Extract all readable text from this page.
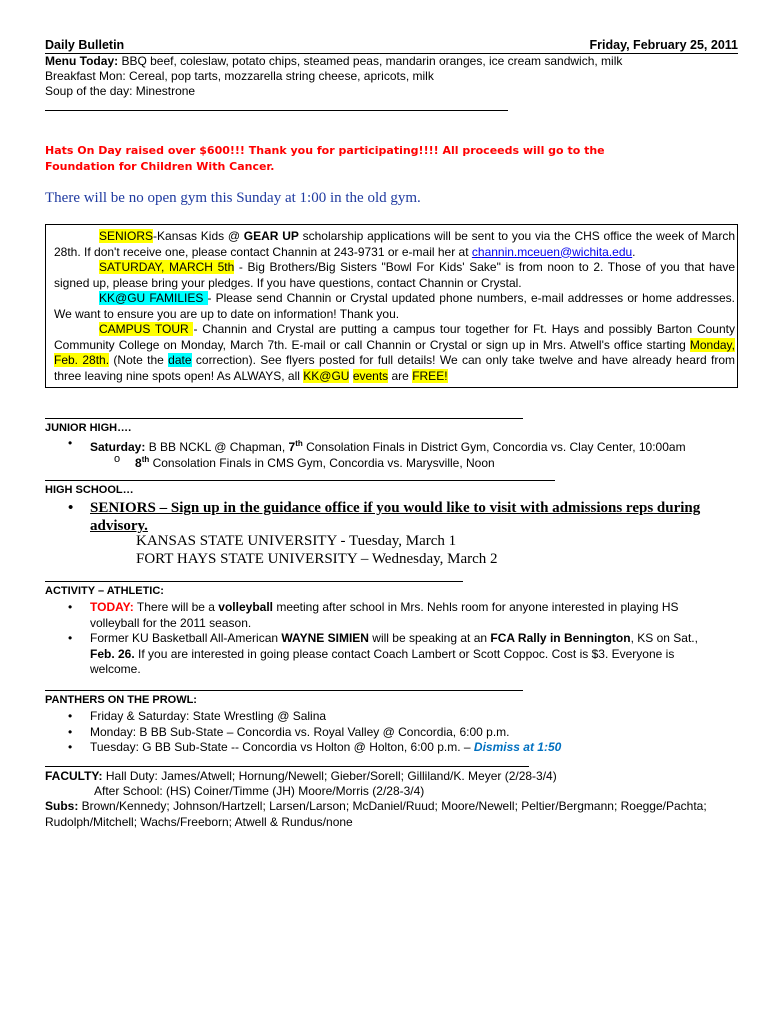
Daily Bulletin	Friday, February 25, 2011
Menu Today: BBQ beef, coleslaw, potato chips, steamed peas, mandarin oranges, ice cream sandwich, milk
Breakfast Mon: Cereal, pop tarts, mozzarella string cheese, apricots, milk
Soup of the day: Minestrone
Hats On Day raised over $600!!! Thank you for participating!!!! All proceeds will go to the
Foundation for Children With Cancer.
There will be no open gym this Sunday at 1:00 in the old gym.

SENIORS-Kansas Kids @ GEAR UP scholarship applications will be sent to you via the CHS office the week of March 28th. If don't receive one, please contact Channin at 243-9731 or e-mail her at channin.mceuen@wichita.edu.

SATURDAY, MARCH 5th - Big Brothers/Big Sisters "Bowl For Kids' Sake" is from noon to 2. Those of you that have signed up, please bring your pledges. If you have questions, contact Channin or Crystal.

KK@GU FAMILIES - Please send Channin or Crystal updated phone numbers, e-mail addresses or home addresses. We want to ensure you are up to date on information! Thank you.

CAMPUS TOUR - Channin and Crystal are putting a campus tour together for Ft. Hays and possibly Barton County Community College on Monday, March 7th. E-mail or call Channin or Crystal or sign up in Mrs. Atwell's office starting Monday, Feb. 28th. (Note the date correction). See flyers posted for full details! We can only take twelve and have already heard from three leaving nine spots open! As ALWAYS, all KK@GU events are FREE!

JUNIOR HIGH….
• Saturday: B BB NCKL @ Chapman, 7th Consolation Finals in District Gym, Concordia vs. Clay Center, 10:00am
o 8th Consolation Finals in CMS Gym, Concordia vs. Marysville, Noon
HIGH SCHOOL…
• SENIORS – Sign up in the guidance office if you would like to visit with admissions reps during
advisory.
KANSAS STATE UNIVERSITY - Tuesday, March 1
FORT HAYS STATE UNIVERSITY – Wednesday, March 2
ACTIVITY – ATHLETIC:
• TODAY: There will be a volleyball meeting after school in Mrs. Nehls room for anyone interested in playing HS
volleyball for the 2011 season.
• Former KU Basketball All-American WAYNE SIMIEN will be speaking at an FCA Rally in Bennington, KS on Sat.,
Feb. 26. If you are interested in going please contact Coach Lambert or Scott Coppoc. Cost is $3. Everyone is
welcome.
PANTHERS ON THE PROWL:
• Friday & Saturday: State Wrestling @ Salina
• Monday: B BB Sub-State – Concordia vs. Royal Valley @ Concordia, 6:00 p.m.
• Tuesday: G BB Sub-State -- Concordia vs Holton @ Holton, 6:00 p.m. – Dismiss at 1:50
FACULTY: Hall Duty: James/Atwell; Hornung/Newell; Gieber/Sorell; Gilliland/K. Meyer (2/28-3/4)
After School: (HS) Coiner/Timme (JH) Moore/Morris (2/28-3/4)
Subs: Brown/Kennedy; Johnson/Hartzell; Larsen/Larson; McDaniel/Ruud; Moore/Newell; Peltier/Bergmann; Roegge/Pachta;
Rudolph/Mitchell; Wachs/Freeborn; Atwell & Rundus/none
